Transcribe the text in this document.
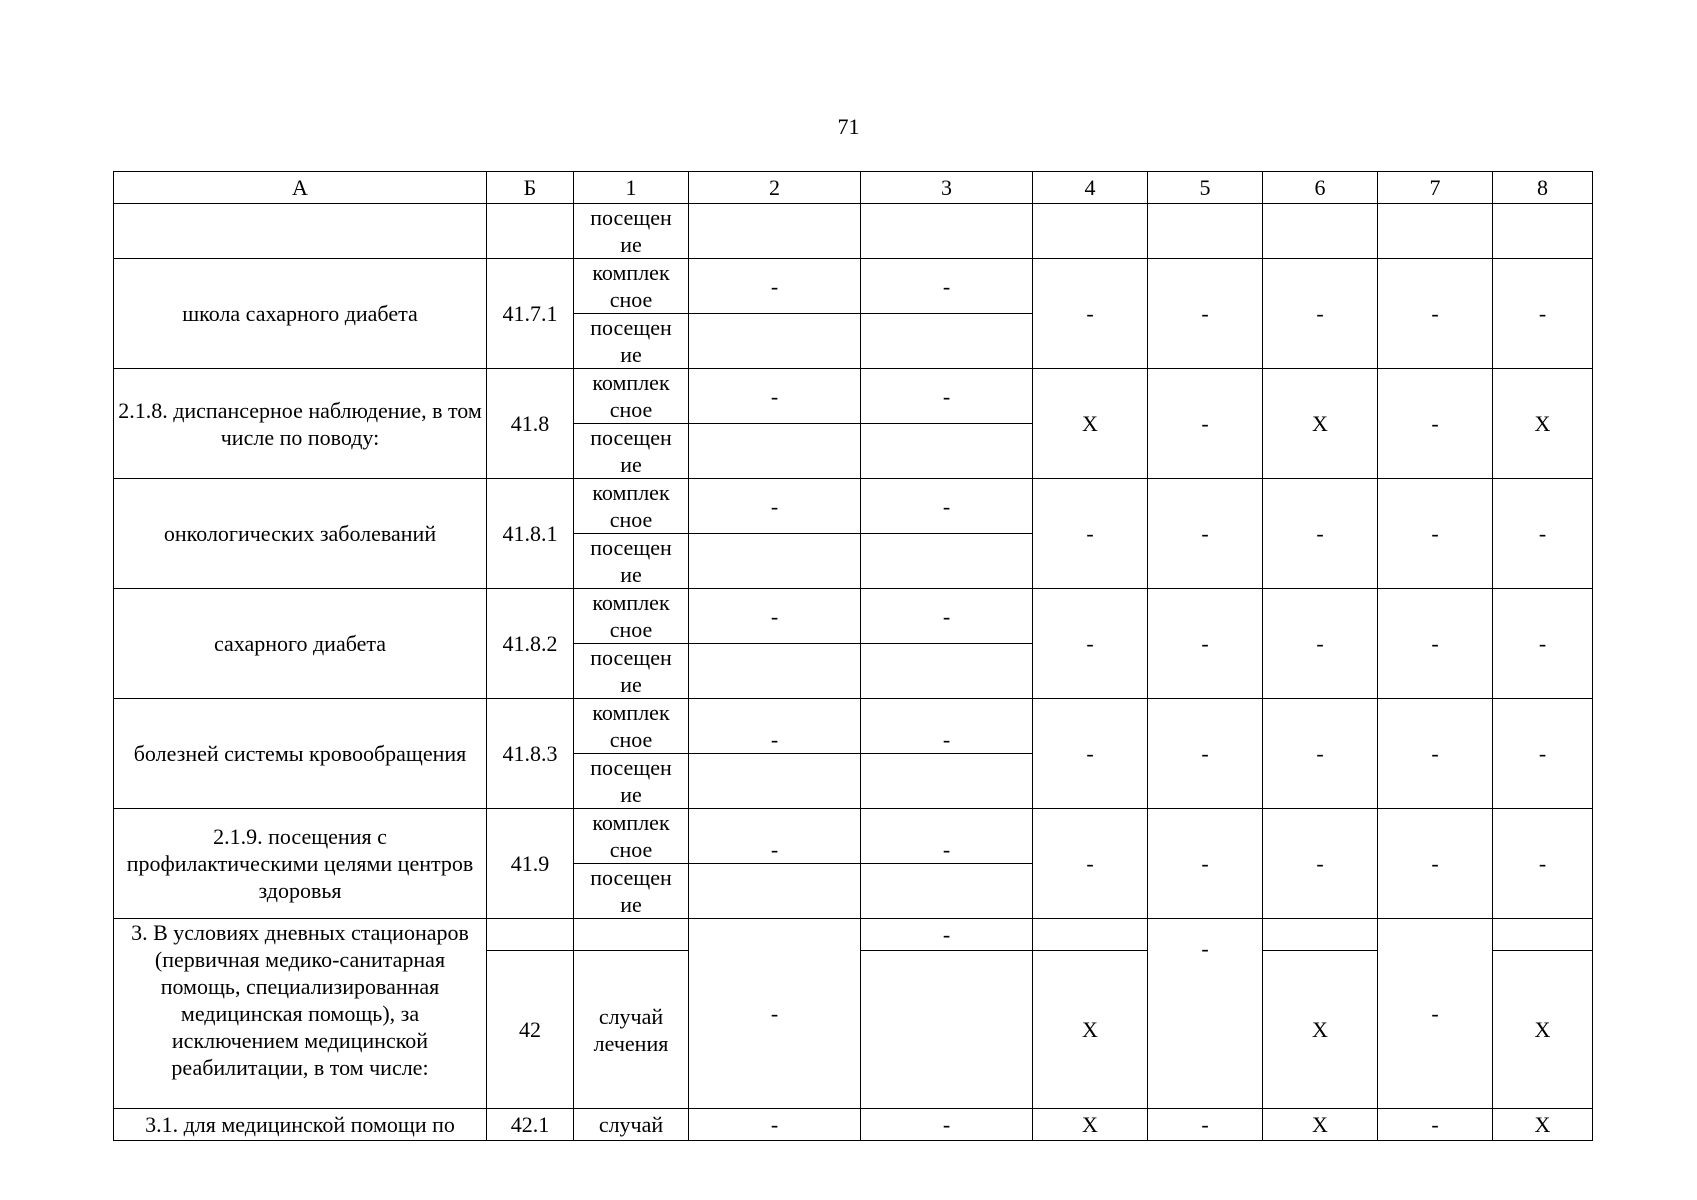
71
А	Б	1	2	3	4	5	6	7	8
		посещен ие							
школа сахарного диабета	41.7.1	комплек сное	-	-	-	-	-	-	-
		посещен ие							
2.1.8. диспансерное наблюдение, в том числе по поводу:	41.8	комплек сное	-	-	Х	-	Х	-	Х
		посещен ие							
онкологических заболеваний	41.8.1	комплек сное	-	-	-	-	-	-	-
		посещен ие							
сахарного диабета	41.8.2	комплек сное	-	-	-	-	-	-	-
		посещен ие							
болезней системы кровообращения	41.8.3	комплек сное	-	-	-	-	-	-	-
		посещен ие							
2.1.9. посещения с профилактическими целями центров здоровья	41.9	комплек сное	-	-	-	-	-	-	-
		посещен ие							
3. В условиях дневных стационаров (первичная медико-санитарная помощь, специализированная медицинская помощь), за исключением медицинской реабилитации, в том числе:			-	-		-		-	
	42	случай лечения			Х		Х		Х
3.1. для медицинской помощи по	42.1	случай	-	-	Х	-	Х	-	Х
